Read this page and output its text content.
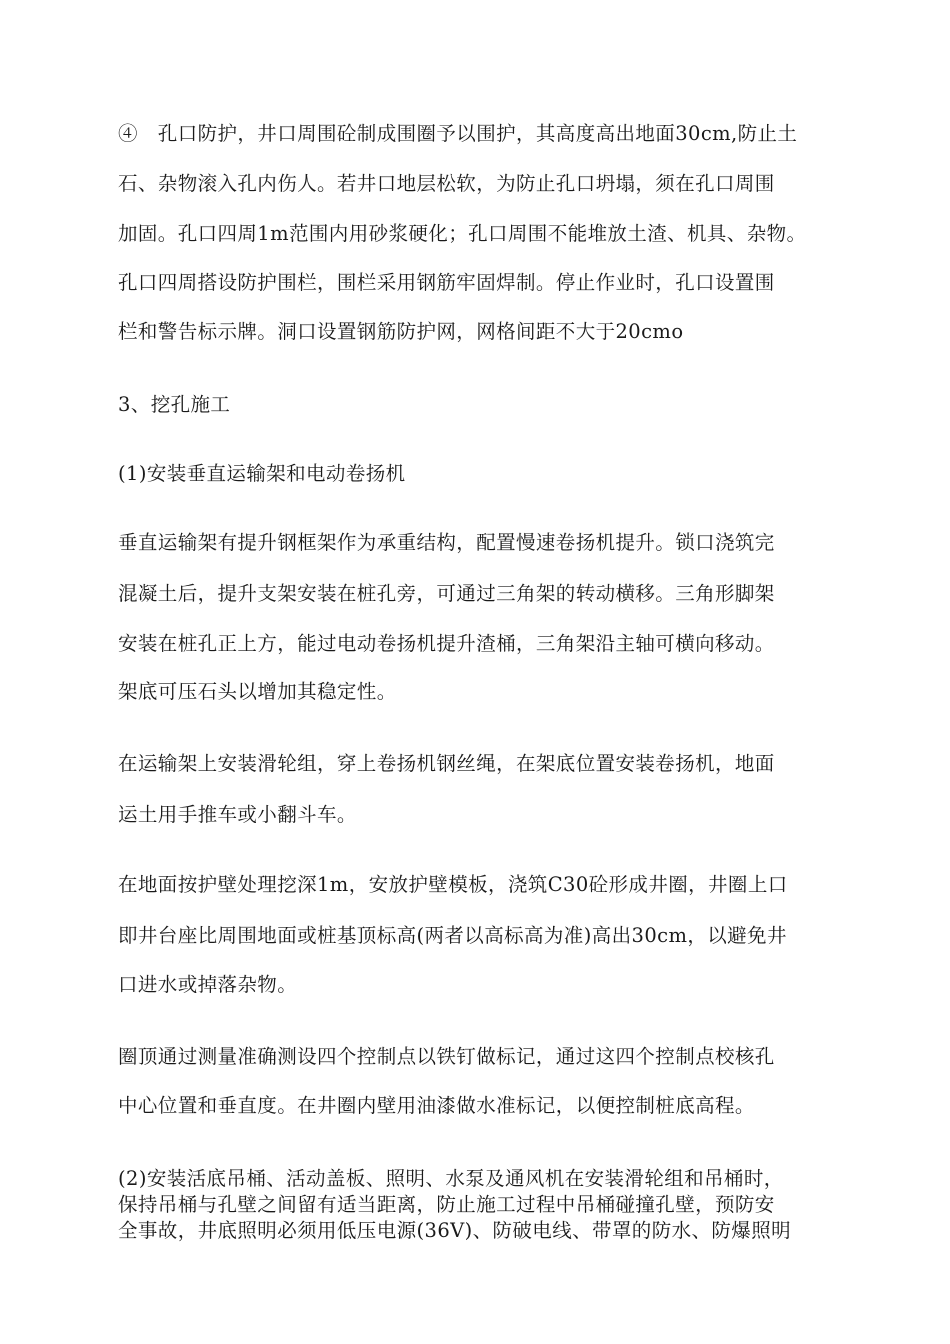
④　孔口防护，井口周围砼制成围圈予以围护，其高度高出地面30cm,防止土
石、杂物滚入孔内伤人。若井口地层松软，为防止孔口坍塌，须在孔口周围
加固。孔口四周1m范围内用砂浆硬化；孔口周围不能堆放土渣、机具、杂物。
孔口四周搭设防护围栏，围栏采用钢筋牢固焊制。停止作业时，孔口设置围
栏和警告标示牌。洞口设置钢筋防护网，网格间距不大于20cmo
3、挖孔施工
(1)安装垂直运输架和电动卷扬机
垂直运输架有提升钢框架作为承重结构，配置慢速卷扬机提升。锁口浇筑完
混凝土后，提升支架安装在桩孔旁，可通过三角架的转动横移。三角形脚架
安装在桩孔正上方，能过电动卷扬机提升渣桶，三角架沿主轴可横向移动。
架底可压石头以增加其稳定性。
在运输架上安装滑轮组，穿上卷扬机钢丝绳，在架底位置安装卷扬机，地面
运土用手推车或小翻斗车。
在地面按护壁处理挖深1m，安放护壁模板，浇筑C30砼形成井圈，井圈上口
即井台座比周围地面或桩基顶标高(两者以高标高为准)高出30cm，以避免井
口进水或掉落杂物。
圈顶通过测量准确测设四个控制点以铁钉做标记，通过这四个控制点校核孔
中心位置和垂直度。在井圈内壁用油漆做水准标记，以便控制桩底高程。
(2)安装活底吊桶、活动盖板、照明、水泵及通风机在安装滑轮组和吊桶时，
保持吊桶与孔壁之间留有适当距离，防止施工过程中吊桶碰撞孔壁，预防安
全事故，井底照明必须用低压电源(36V)、防破电线、带罩的防水、防爆照明
